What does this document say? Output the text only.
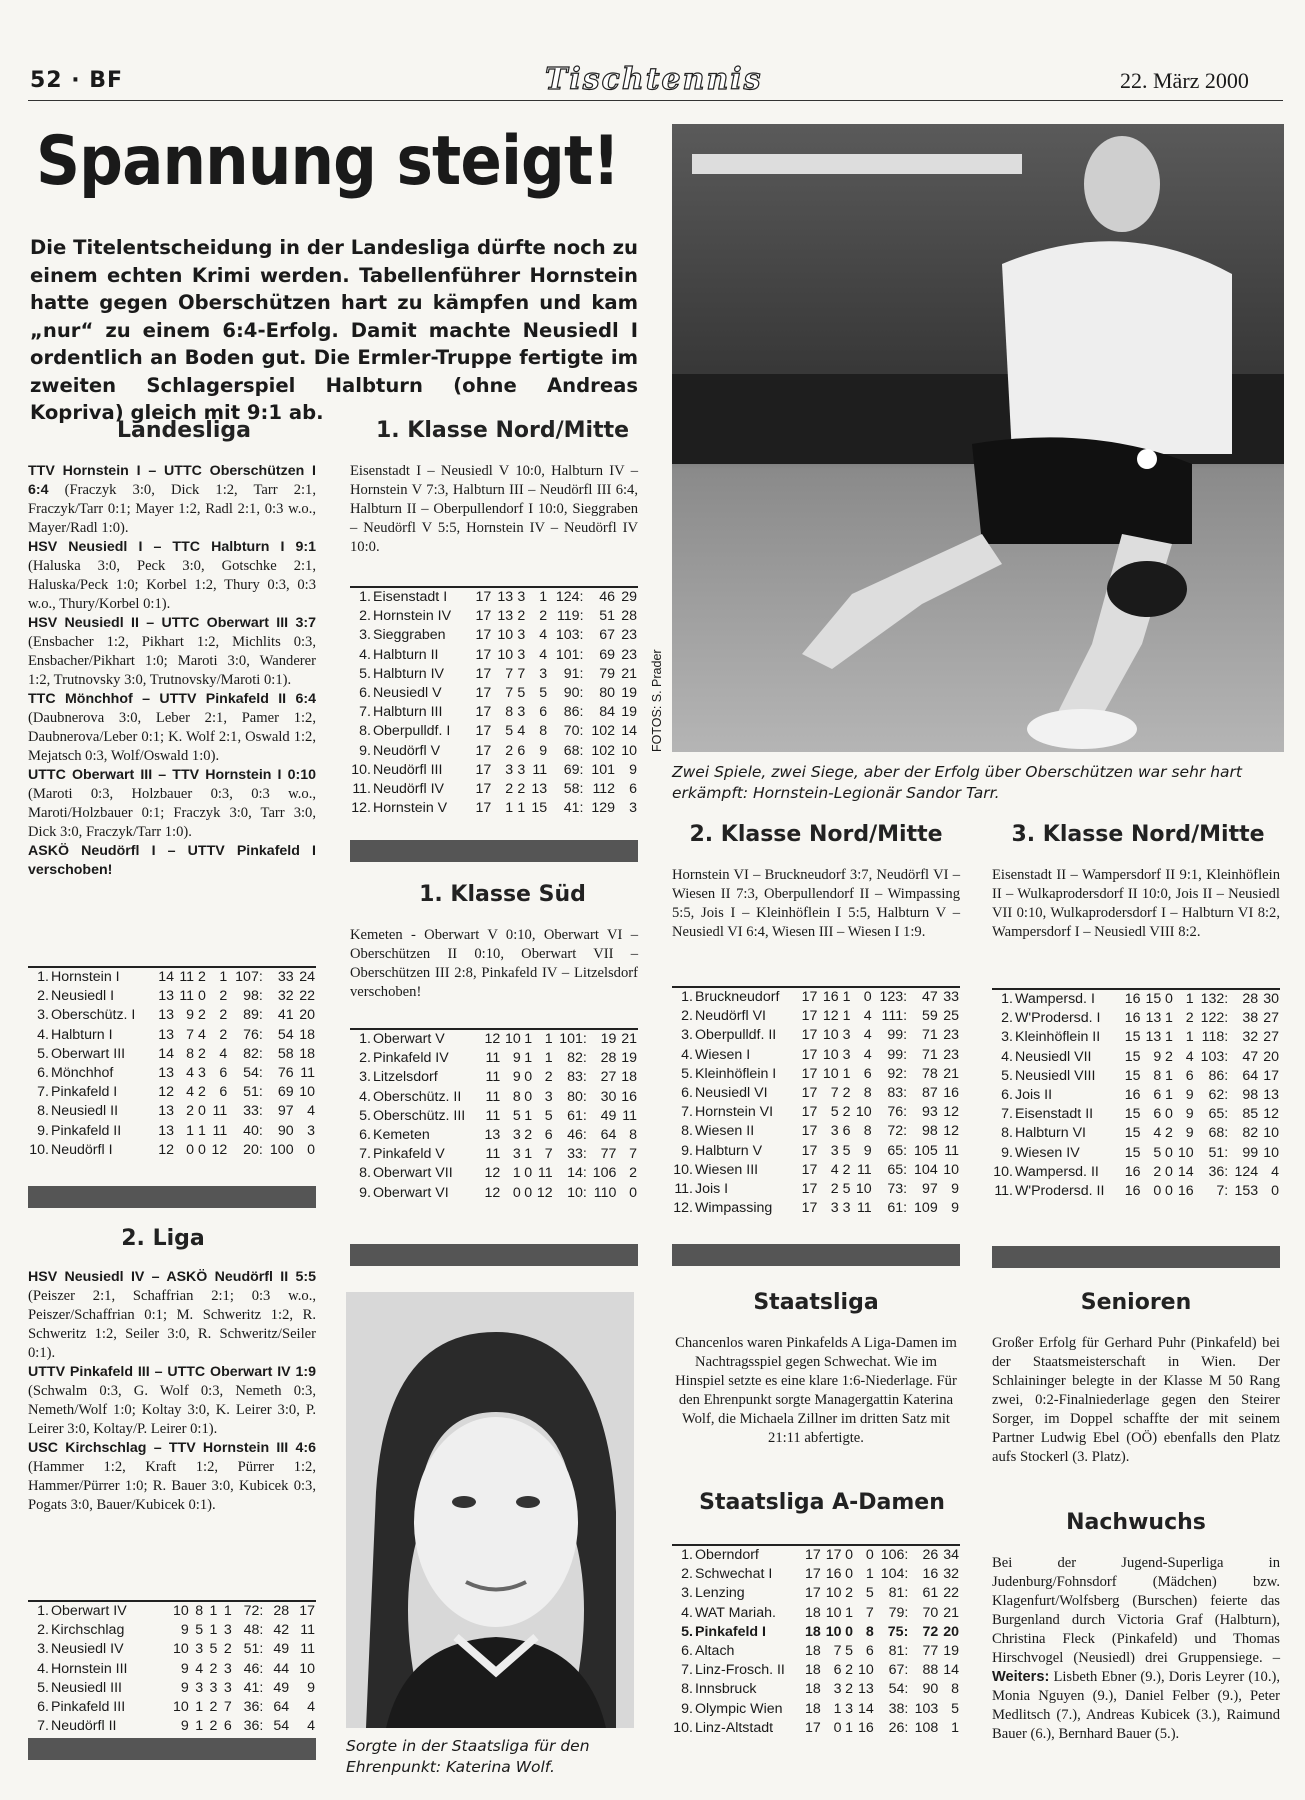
52 · BF	Tischtennis	22. März 2000
Spannung steigt!
Die Titelentscheidung in der Landesliga dürfte noch zu einem echten Krimi werden. Tabellenführer Hornstein hatte gegen Oberschützen hart zu kämpfen und kam „nur“ zu einem 6:4-Erfolg. Damit machte Neusiedl I ordentlich an Boden gut. Die Ermler-Truppe fertigte im zweiten Schlagerspiel Halbturn (ohne Andreas Kopriva) gleich mit 9:1 ab.
FOTOS: S. Prader
Zwei Spiele, zwei Siege, aber der Erfolg über Oberschützen war sehr hart erkämpft: Hornstein-Legionär Sandor Tarr.
Landesliga

TTV Hornstein I – UTTC Oberschützen I 6:4 (Fraczyk 3:0, Dick 1:2, Tarr 2:1, Fraczyk/Tarr 0:1; Mayer 1:2, Radl 2:1, 0:3 w.o., Mayer/Radl 1:0).

HSV Neusiedl I – TTC Halbturn I 9:1 (Haluska 3:0, Peck 3:0, Gotschke 2:1, Haluska/Peck 1:0; Korbel 1:2, Thury 0:3, 0:3 w.o., Thury/Korbel 0:1).

HSV Neusiedl II – UTTC Oberwart III 3:7 (Ensbacher 1:2, Pikhart 1:2, Michlits 0:3, Ensbacher/Pikhart 1:0; Maroti 3:0, Wanderer 1:2, Trutnovsky 3:0, Trutnovsky/Maroti 0:1).

TTC Mönchhof – UTTV Pinkafeld II 6:4 (Daubnerova 3:0, Leber 2:1, Pamer 1:2, Daubnerova/Leber 0:1; K. Wolf 2:1, Oswald 1:2, Mejatsch 0:3, Wolf/Oswald 1:0).

UTTC Oberwart III – TTV Hornstein I 0:10 (Maroti 0:3, Holzbauer 0:3, 0:3 w.o., Maroti/Holzbauer 0:1; Fraczyk 3:0, Tarr 3:0, Dick 3:0, Fraczyk/Tarr 1:0).

ASKÖ Neudörfl I – UTTV Pinkafeld I verschoben!

1.	Hornstein I	14	11	2	1	107:	33	24
2.	Neusiedl I	13	11	0	2	98:	32	22
3.	Oberschütz. I	13	9	2	2	89:	41	20
4.	Halbturn I	13	7	4	2	76:	54	18
5.	Oberwart III	14	8	2	4	82:	58	18
6.	Mönchhof	13	4	3	6	54:	76	11
7.	Pinkafeld I	12	4	2	6	51:	69	10
8.	Neusiedl II	13	2	0	11	33:	97	4
9.	Pinkafeld II	13	1	1	11	40:	90	3
10.	Neudörfl I	12	0	0	12	20:	100	0
2. Liga

HSV Neusiedl IV – ASKÖ Neudörfl II 5:5 (Peiszer 2:1, Schaffrian 2:1; 0:3 w.o., Peiszer/Schaffrian 0:1; M. Schweritz 1:2, R. Schweritz 1:2, Seiler 3:0, R. Schweritz/Seiler 0:1).

UTTV Pinkafeld III – UTTC Oberwart IV 1:9 (Schwalm 0:3, G. Wolf 0:3, Nemeth 0:3, Nemeth/Wolf 1:0; Koltay 3:0, K. Leirer 3:0, P. Leirer 3:0, Koltay/P. Leirer 0:1).

USC Kirchschlag – TTV Hornstein III 4:6 (Hammer 1:2, Kraft 1:2, Pürrer 1:2, Hammer/Pürrer 1:0; R. Bauer 3:0, Kubicek 0:3, Pogats 3:0, Bauer/Kubicek 0:1).

1.	Oberwart IV	10	8	1	1	72:	28	17
2.	Kirchschlag	9	5	1	3	48:	42	11
3.	Neusiedl IV	10	3	5	2	51:	49	11
4.	Hornstein III	9	4	2	3	46:	44	10
5.	Neusiedl III	9	3	3	3	41:	49	9
6.	Pinkafeld III	10	1	2	7	36:	64	4
7.	Neudörfl II	9	1	2	6	36:	54	4
1. Klasse Nord/Mitte
Eisenstadt I – Neusiedl V 10:0, Halbturn IV – Hornstein V 7:3, Halbturn III – Neudörfl III 6:4, Halbturn II – Oberpullendorf I 10:0, Sieggraben – Neudörfl V 5:5, Hornstein IV – Neudörfl IV 10:0.
1.	Eisenstadt I	17	13	3	1	124:	46	29
2.	Hornstein IV	17	13	2	2	119:	51	28
3.	Sieggraben	17	10	3	4	103:	67	23
4.	Halbturn II	17	10	3	4	101:	69	23
5.	Halbturn IV	17	7	7	3	91:	79	21
6.	Neusiedl V	17	7	5	5	90:	80	19
7.	Halbturn III	17	8	3	6	86:	84	19
8.	Oberpulldf. I	17	5	4	8	70:	102	14
9.	Neudörfl V	17	2	6	9	68:	102	10
10.	Neudörfl III	17	3	3	11	69:	101	9
11.	Neudörfl IV	17	2	2	13	58:	112	6
12.	Hornstein V	17	1	1	15	41:	129	3
1. Klasse Süd
Kemeten - Oberwart V 0:10, Oberwart VI – Oberschützen II 0:10, Oberwart VII – Oberschützen III 2:8, Pinkafeld IV – Litzelsdorf verschoben!
1.	Oberwart V	12	10	1	1	101:	19	21
2.	Pinkafeld IV	11	9	1	1	82:	28	19
3.	Litzelsdorf	11	9	0	2	83:	27	18
4.	Oberschütz. II	11	8	0	3	80:	30	16
5.	Oberschütz. III	11	5	1	5	61:	49	11
6.	Kemeten	13	3	2	6	46:	64	8
7.	Pinkafeld V	11	3	1	7	33:	77	7
8.	Oberwart VII	12	1	0	11	14:	106	2
9.	Oberwart VI	12	0	0	12	10:	110	0
Sorgte in der Staatsliga für den Ehrenpunkt: Katerina Wolf.
2. Klasse Nord/Mitte
Hornstein VI – Bruckneudorf 3:7, Neudörfl VI – Wiesen II 7:3, Oberpullendorf II – Wimpassing 5:5, Jois I – Kleinhöflein I 5:5, Halbturn V – Neusiedl VI 6:4, Wiesen III – Wiesen I 1:9.
1.	Bruckneudorf	17	16	1	0	123:	47	33
2.	Neudörfl VI	17	12	1	4	111:	59	25
3.	Oberpulldf. II	17	10	3	4	99:	71	23
4.	Wiesen I	17	10	3	4	99:	71	23
5.	Kleinhöflein I	17	10	1	6	92:	78	21
6.	Neusiedl VI	17	7	2	8	83:	87	16
7.	Hornstein VI	17	5	2	10	76:	93	12
8.	Wiesen II	17	3	6	8	72:	98	12
9.	Halbturn V	17	3	5	9	65:	105	11
10.	Wiesen III	17	4	2	11	65:	104	10
11.	Jois I	17	2	5	10	73:	97	9
12.	Wimpassing	17	3	3	11	61:	109	9
Staatsliga
Chancenlos waren Pinkafelds A Liga-Damen im Nachtragsspiel gegen Schwechat. Wie im Hinspiel setzte es eine klare 1:6-Niederlage. Für den Ehrenpunkt sorgte Managergattin Katerina Wolf, die Michaela Zillner im dritten Satz mit 21:11 abfertigte.
Staatsliga A-Damen
1.	Oberndorf	17	17	0	0	106:	26	34
2.	Schwechat I	17	16	0	1	104:	16	32
3.	Lenzing	17	10	2	5	81:	61	22
4.	WAT Mariah.	18	10	1	7	79:	70	21
5.	Pinkafeld I	18	10	0	8	75:	72	20
6.	Altach	18	7	5	6	81:	77	19
7.	Linz-Frosch. II	18	6	2	10	67:	88	14
8.	Innsbruck	18	3	2	13	54:	90	8
9.	Olympic Wien	18	1	3	14	38:	103	5
10.	Linz-Altstadt	17	0	1	16	26:	108	1
3. Klasse Nord/Mitte
Eisenstadt II – Wampersdorf II 9:1, Kleinhöflein II – Wulkaprodersdorf II 10:0, Jois II – Neusiedl VII 0:10, Wulkaprodersdorf I – Halbturn VI 8:2, Wampersdorf I – Neusiedl VIII 8:2.
1.	Wampersd. I	16	15	0	1	132:	28	30
2.	W'Prodersd. I	16	13	1	2	122:	38	27
3.	Kleinhöflein II	15	13	1	1	118:	32	27
4.	Neusiedl VII	15	9	2	4	103:	47	20
5.	Neusiedl VIII	15	8	1	6	86:	64	17
6.	Jois II	16	6	1	9	62:	98	13
7.	Eisenstadt II	15	6	0	9	65:	85	12
8.	Halbturn VI	15	4	2	9	68:	82	10
9.	Wiesen IV	15	5	0	10	51:	99	10
10.	Wampersd. II	16	2	0	14	36:	124	4
11.	W'Prodersd. II	16	0	0	16	7:	153	0
Senioren
Großer Erfolg für Gerhard Puhr (Pinkafeld) bei der Staatsmeisterschaft in Wien. Der Schlaininger belegte in der Klasse M 50 Rang zwei, 0:2-Finalniederlage gegen den Steirer Sorger, im Doppel schaffte der mit seinem Partner Ludwig Ebel (OÖ) ebenfalls den Platz aufs Stockerl (3. Platz).
Nachwuchs
Bei der Jugend-Superliga in Judenburg/Fohnsdorf (Mädchen) bzw. Klagenfurt/Wolfsberg (Burschen) feierte das Burgenland durch Victoria Graf (Halbturn), Christina Fleck (Pinkafeld) und Thomas Hirschvogel (Neusiedl) drei Gruppensiege. – Weiters: Lisbeth Ebner (9.), Doris Leyrer (10.), Monia Nguyen (9.), Daniel Felber (9.), Peter Medlitsch (7.), Andreas Kubicek (3.), Raimund Bauer (6.), Bernhard Bauer (5.).
